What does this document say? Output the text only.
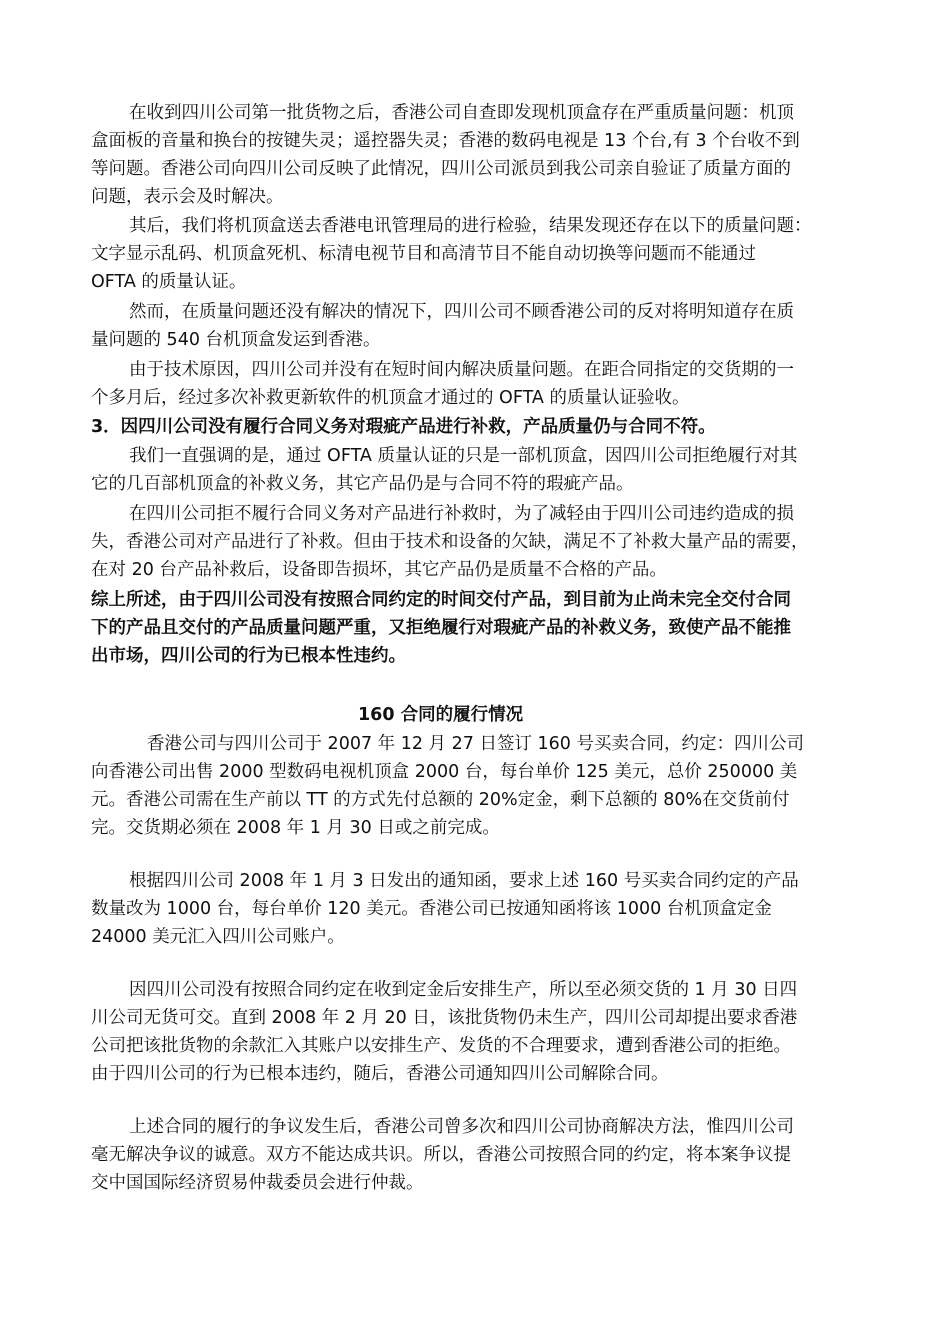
在收到四川公司第一批货物之后，香港公司自查即发现机顶盒存在严重质量问题：机顶
盒面板的音量和换台的按键失灵；遥控器失灵；香港的数码电视是 13 个台,有 3 个台收不到
等问题。香港公司向四川公司反映了此情况，四川公司派员到我公司亲自验证了质量方面的
问题，表示会及时解决。
其后，我们将机顶盒送去香港电讯管理局的进行检验，结果发现还存在以下的质量问题：
文字显示乱码、机顶盒死机、标清电视节目和高清节目不能自动切换等问题而不能通过
OFTA 的质量认证。
然而，在质量问题还没有解决的情况下，四川公司不顾香港公司的反对将明知道存在质
量问题的 540 台机顶盒发运到香港。
由于技术原因，四川公司并没有在短时间内解决质量问题。在距合同指定的交货期的一
个多月后，经过多次补救更新软件的机顶盒才通过的 OFTA 的质量认证验收。
3．因四川公司没有履行合同义务对瑕疵产品进行补救，产品质量仍与合同不符。
我们一直强调的是，通过 OFTA 质量认证的只是一部机顶盒，因四川公司拒绝履行对其
它的几百部机顶盒的补救义务，其它产品仍是与合同不符的瑕疵产品。
在四川公司拒不履行合同义务对产品进行补救时，为了减轻由于四川公司违约造成的损
失，香港公司对产品进行了补救。但由于技术和设备的欠缺，满足不了补救大量产品的需要，
在对 20 台产品补救后，设备即告损坏，其它产品仍是质量不合格的产品。
综上所述，由于四川公司没有按照合同约定的时间交付产品，到目前为止尚未完全交付合同
下的产品且交付的产品质量问题严重，又拒绝履行对瑕疵产品的补救义务，致使产品不能推
出市场，四川公司的行为已根本性违约。
160 合同的履行情况
香港公司与四川公司于 2007 年 12 月 27 日签订 160 号买卖合同，约定：四川公司
向香港公司出售 2000 型数码电视机顶盒 2000 台，每台单价 125 美元，总价 250000 美
元。香港公司需在生产前以 TT 的方式先付总额的 20%定金，剩下总额的 80%在交货前付
完。交货期必须在 2008 年 1 月 30 日或之前完成。
根据四川公司 2008 年 1 月 3 日发出的通知函，要求上述 160 号买卖合同约定的产品
数量改为 1000 台，每台单价 120 美元。香港公司已按通知函将该 1000 台机顶盒定金
24000 美元汇入四川公司账户。
因四川公司没有按照合同约定在收到定金后安排生产，所以至必须交货的 1 月 30 日四
川公司无货可交。直到 2008 年 2 月 20 日，该批货物仍未生产，四川公司却提出要求香港
公司把该批货物的余款汇入其账户以安排生产、发货的不合理要求，遭到香港公司的拒绝。
由于四川公司的行为已根本违约，随后，香港公司通知四川公司解除合同。
上述合同的履行的争议发生后，香港公司曾多次和四川公司协商解决方法，惟四川公司
毫无解决争议的诚意。双方不能达成共识。所以，香港公司按照合同的约定，将本案争议提
交中国国际经济贸易仲裁委员会进行仲裁。
